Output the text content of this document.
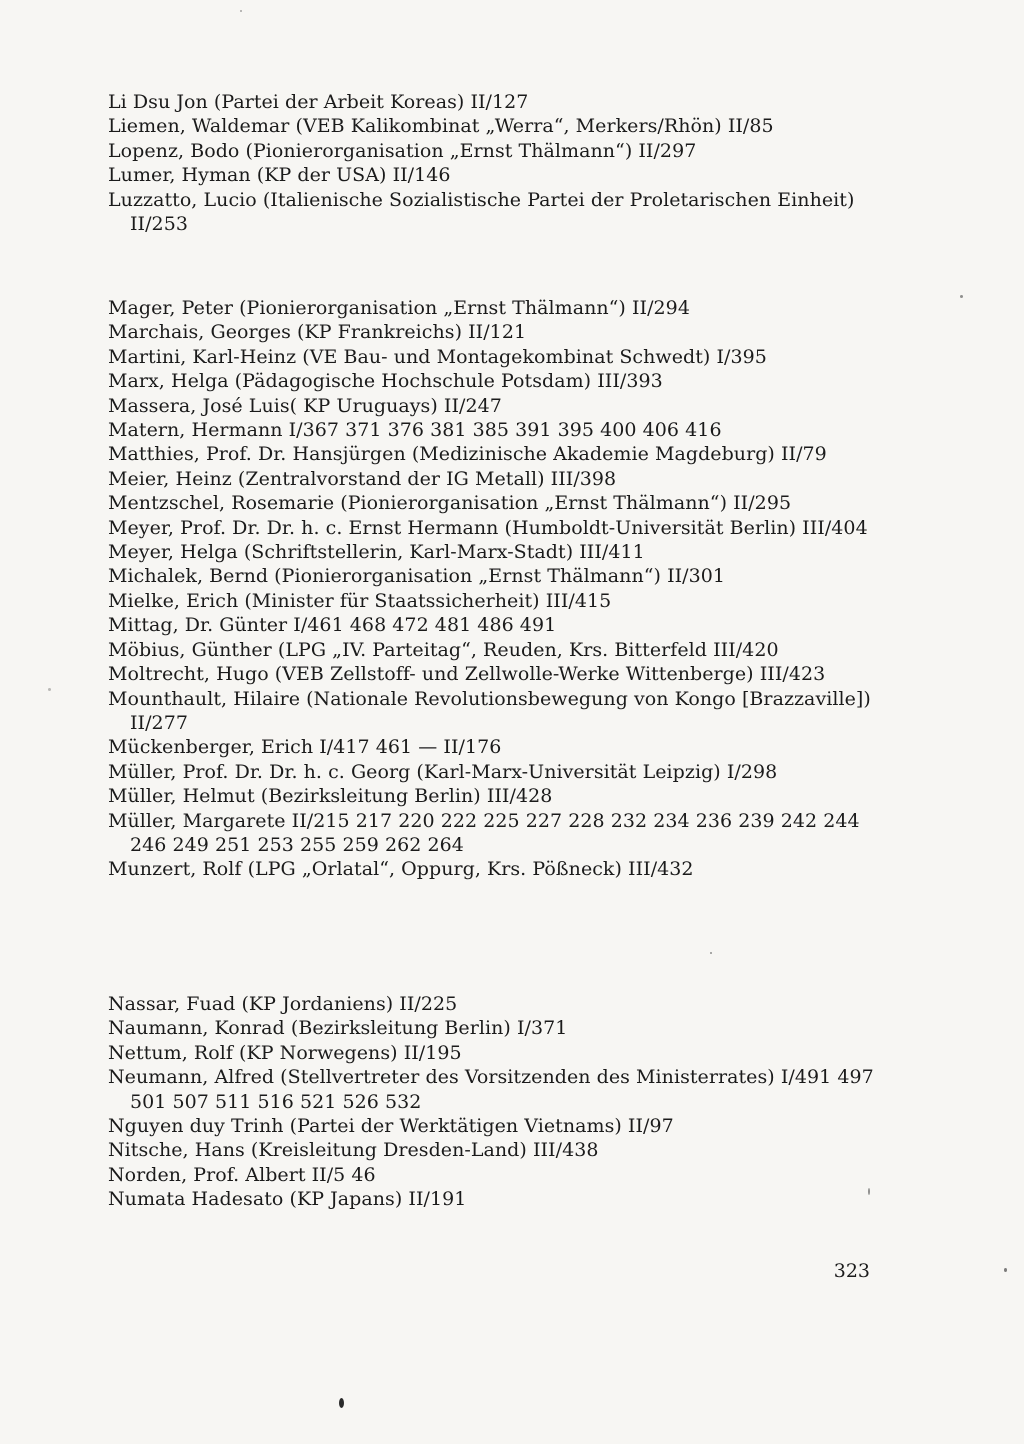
Li Dsu Jon (Partei der Arbeit Koreas) II/127
Liemen, Waldemar (VEB Kalikombinat „Werra“, Merkers/Rhön) II/85
Lopenz, Bodo (Pionierorganisation „Ernst Thälmann“) II/297
Lumer, Hyman (KP der USA) II/146
Luzzatto, Lucio (Italienische Sozialistische Partei der Proletarischen Einheit) II/253
Mager, Peter (Pionierorganisation „Ernst Thälmann“) II/294
Marchais, Georges (KP Frankreichs) II/121
Martini, Karl-Heinz (VE Bau- und Montagekombinat Schwedt) I/395
Marx, Helga (Pädagogische Hochschule Potsdam) III/393
Massera, José Luis( KP Uruguays) II/247
Matern, Hermann I/367 371 376 381 385 391 395 400 406 416
Matthies, Prof. Dr. Hansjürgen (Medizinische Akademie Magdeburg) II/79
Meier, Heinz (Zentralvorstand der IG Metall) III/398
Mentzschel, Rosemarie (Pionierorganisation „Ernst Thälmann“) II/295
Meyer, Prof. Dr. Dr. h. c. Ernst Hermann (Humboldt-Universität Berlin) III/404
Meyer, Helga (Schriftstellerin, Karl-Marx-Stadt) III/411
Michalek, Bernd (Pionierorganisation „Ernst Thälmann“) II/301
Mielke, Erich (Minister für Staatssicherheit) III/415
Mittag, Dr. Günter I/461 468 472 481 486 491
Möbius, Günther (LPG „IV. Parteitag“, Reuden, Krs. Bitterfeld III/420
Moltrecht, Hugo (VEB Zellstoff- und Zellwolle-Werke Wittenberge) III/423
Mounthault, Hilaire (Nationale Revolutionsbewegung von Kongo [Brazzaville]) II/277
Mückenberger, Erich I/417 461 — II/176
Müller, Prof. Dr. Dr. h. c. Georg (Karl-Marx-Universität Leipzig) I/298
Müller, Helmut (Bezirksleitung Berlin) III/428
Müller, Margarete II/215 217 220 222 225 227 228 232 234 236 239 242 244 246 249 251 253 255 259 262 264
Munzert, Rolf (LPG „Orlatal“, Oppurg, Krs. Pößneck) III/432
Nassar, Fuad (KP Jordaniens) II/225
Naumann, Konrad (Bezirksleitung Berlin) I/371
Nettum, Rolf (KP Norwegens) II/195
Neumann, Alfred (Stellvertreter des Vorsitzenden des Ministerrates) I/491 497 501 507 511 516 521 526 532
Nguyen duy Trinh (Partei der Werktätigen Vietnams) II/97
Nitsche, Hans (Kreisleitung Dresden-Land) III/438
Norden, Prof. Albert II/5 46
Numata Hadesato (KP Japans) II/191
323
